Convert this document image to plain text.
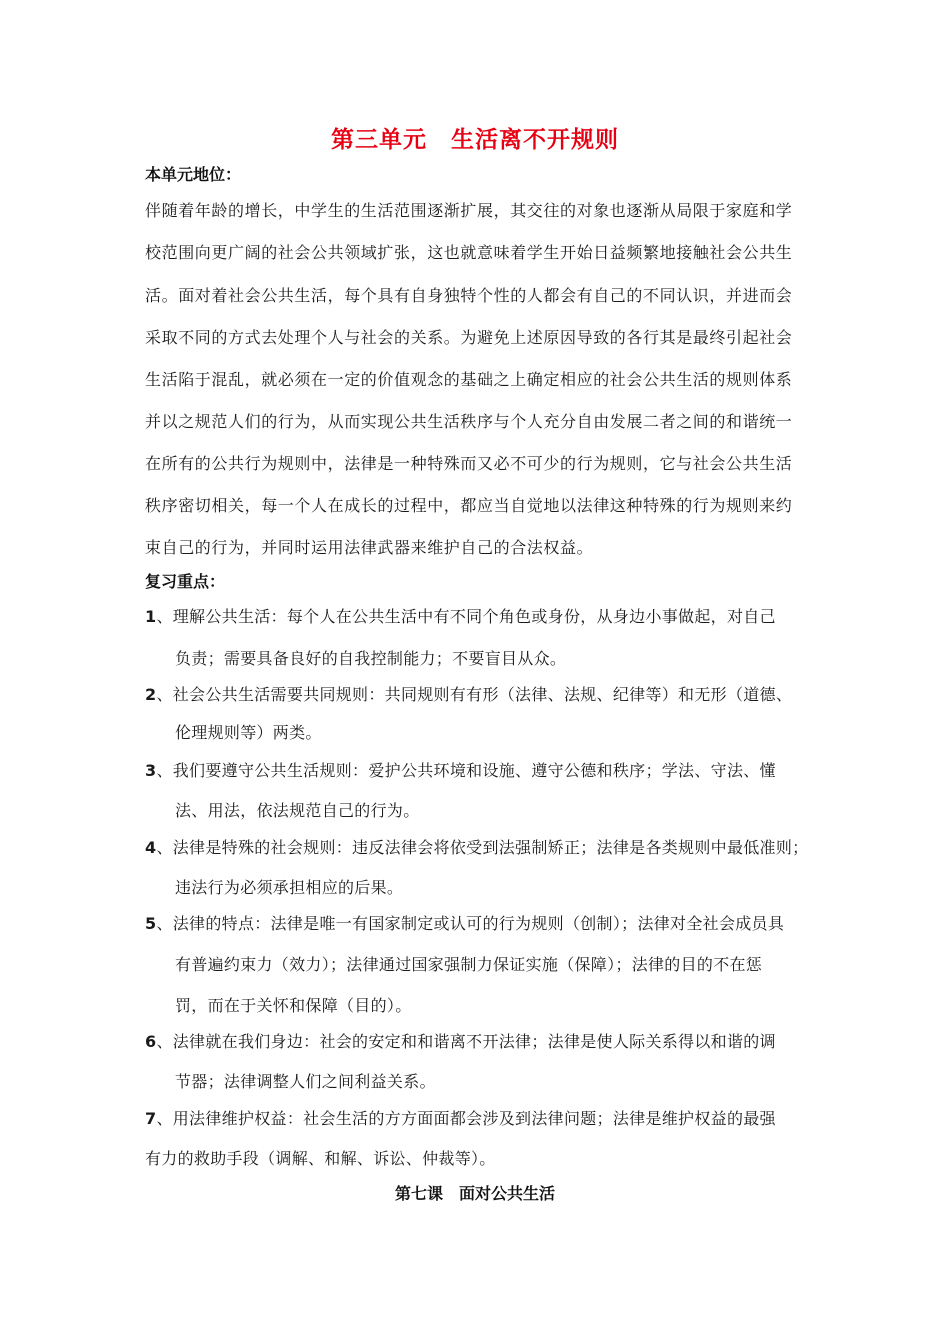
第三单元　生活离不开规则
本单元地位：
伴随着年龄的增长，中学生的生活范围逐渐扩展，其交往的对象也逐渐从局限于家庭和学
校范围向更广阔的社会公共领域扩张，这也就意味着学生开始日益频繁地接触社会公共生
活。面对着社会公共生活，每个具有自身独特个性的人都会有自己的不同认识，并进而会
采取不同的方式去处理个人与社会的关系。为避免上述原因导致的各行其是最终引起社会
生活陷于混乱，就必须在一定的价值观念的基础之上确定相应的社会公共生活的规则体系
并以之规范人们的行为，从而实现公共生活秩序与个人充分自由发展二者之间的和谐统一
在所有的公共行为规则中，法律是一种特殊而又必不可少的行为规则，它与社会公共生活
秩序密切相关，每一个人在成长的过程中，都应当自觉地以法律这种特殊的行为规则来约
束自己的行为，并同时运用法律武器来维护自己的合法权益。
复习重点：
1、理解公共生活：每个人在公共生活中有不同个角色或身份，从身边小事做起，对自己
负责；需要具备良好的自我控制能力；不要盲目从众。
2、社会公共生活需要共同规则：共同规则有有形（法律、法规、纪律等）和无形（道德、
伦理规则等）两类。
3、我们要遵守公共生活规则：爱护公共环境和设施、遵守公德和秩序；学法、守法、懂
法、用法，依法规范自己的行为。
4、法律是特殊的社会规则：违反法律会将依受到法强制矫正；法律是各类规则中最低准则；
违法行为必须承担相应的后果。
5、法律的特点：法律是唯一有国家制定或认可的行为规则（创制）；法律对全社会成员具
有普遍约束力（效力）；法律通过国家强制力保证实施（保障）；法律的目的不在惩
罚，而在于关怀和保障（目的）。
6、法律就在我们身边：社会的安定和和谐离不开法律；法律是使人际关系得以和谐的调
节器；法律调整人们之间利益关系。
7、用法律维护权益：社会生活的方方面面都会涉及到法律问题；法律是维护权益的最强
有力的救助手段（调解、和解、诉讼、仲裁等）。
第七课　面对公共生活
